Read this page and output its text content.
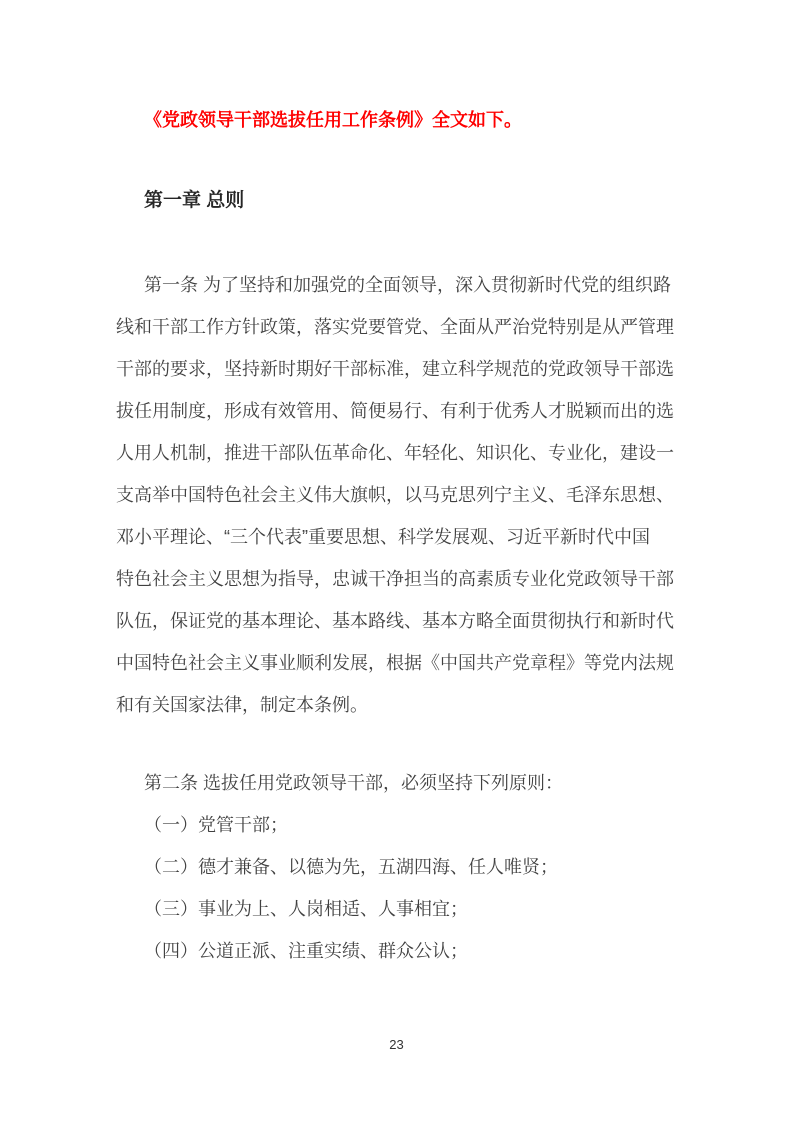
《党政领导干部选拔任用工作条例》全文如下。
第一章 总则
第一条 为了坚持和加强党的全面领导，深入贯彻新时代党的组织路
线和干部工作方针政策，落实党要管党、全面从严治党特别是从严管理
干部的要求，坚持新时期好干部标准，建立科学规范的党政领导干部选
拔任用制度，形成有效管用、简便易行、有利于优秀人才脱颖而出的选
人用人机制，推进干部队伍革命化、年轻化、知识化、专业化，建设一
支高举中国特色社会主义伟大旗帜，以马克思列宁主义、毛泽东思想、
邓小平理论、“三个代表”重要思想、科学发展观、习近平新时代中国
特色社会主义思想为指导，忠诚干净担当的高素质专业化党政领导干部
队伍，保证党的基本理论、基本路线、基本方略全面贯彻执行和新时代
中国特色社会主义事业顺利发展，根据《中国共产党章程》等党内法规
和有关国家法律，制定本条例。
第二条 选拔任用党政领导干部，必须坚持下列原则：
（一）党管干部；
（二）德才兼备、以德为先，五湖四海、任人唯贤；
（三）事业为上、人岗相适、人事相宜；
（四）公道正派、注重实绩、群众公认；
23
